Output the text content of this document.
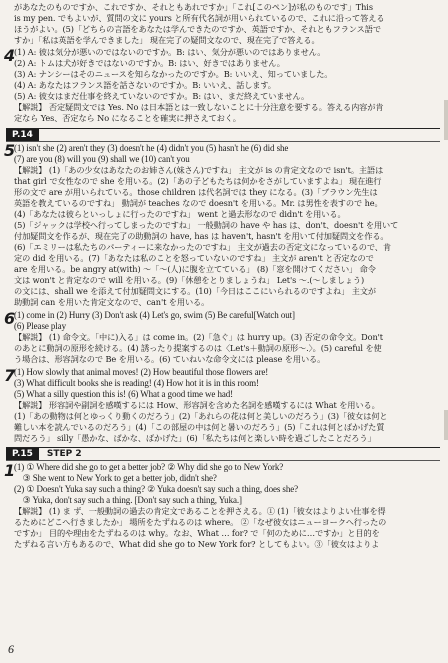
があなたのものですか、これですか、それともあれですか」「これ[このペン]が私のものです」This
is my pen. でもよいが、質問の文に yours と所有代名詞が用いられているので、これに沿って答える
ほうがよい。(5)「どちらの言語をあなたは学んできたのですか、英語ですか、それともフランス語で
すか」「私は英語を学んできました」 現在完了の疑問文なので、現在完了で答える。
4
(1) A: 彼は気分が悪いのではないのですか。B: はい、気分が悪いのではありません。
(2) A: トムは犬が好きではないのですか。B: はい、好きではありません。
(3) A: ナンシーはそのニュースを知らなかったのですか。B: いいえ、知っていました。
(4) A: あなたはフランス語を話さないのですか。B: いいえ、話します。
(5) A: 彼女はまだ仕事を終えていないのですか。B: はい、まだ終えていません。
【解説】 否定疑問文では Yes. No は日本語とは一致しないことに十分注意を要する。答える内容が肯
定なら Yes、否定なら No になることを確実に押さえておく。
P.14
5
(1) isn't she (2) aren't they (3) doesn't he (4) didn't you (5) hasn't he (6) did she
(7) are you (8) will you (9) shall we (10) can't you
【解説】 (1)「あの少女はあなたのお姉さん(妹さん)ですね」 主文が is の肯定文なので isn't。主語は
that girl で女性なので she を用いる。(2)「あの子どもたちは何かをさがしていますよね」 現在進行
形の文で are が用いられている。those children は代名詞では they になる。(3)「ブラウン先生は
英語を教えているのですね」 動詞が teaches なので doesn't を用いる。Mr. は男性を表すので he。
(4)「あなたは彼らといっしょに行ったのですね」 went と過去形なので didn't を用いる。
(5)「ジャックは学校へ行ってしまったのですね」 一般動詞の have や has は、don't、doesn't を用いて
付加疑問文を作るが、現在完了の助動詞の have, has は haven't, hasn't を用いて付加疑問文を作る。
(6)「エミリーは私たちのパーティーに来なかったのですね」 主文が過去の否定文になっているので、肯
定の did を用いる。(7)「あなたは私のことを怒っていないのですね」 主文が aren't と否定なので
are を用いる。be angry at(with) ～「～(人)に腹を立てている」 (8)「窓を開けてください」 命令
文は won't と肯定なので will を用いる。(9)「休憩をとりましょうね」 Let's ～.(～しましょう)
の文には、shall we を添えて付加疑問文にする。(10)「今日はここにいられるのですよね」 主文が
助動詞 can を用いた肯定文なので、can't を用いる。
6
(1) come in (2) Hurry (3) Don't ask (4) Let's go, swim (5) Be careful[Watch out]
(6) Please play
【解説】 (1) 命令文。「中に)入る」は come in。(2)「急ぐ」は hurry up。(3) 否定の命令文。Don't
のあとに動詞の原形を続ける。(4) 誘ったり提案するのは〈Let's＋動詞の原形～.〉。(5) careful を使
う場合は、形容詞なので Be を用いる。(6) ていねいな命令文には please を用いる。
7
(1) How slowly that animal moves! (2) How beautiful those flowers are!
(3) What difficult books she is reading! (4) How hot it is in this room!
(5) What a silly question this is! (6) What a good time we had!
【解説】 形容詞や副詞を感嘆するには How、形容詞を含めた名詞を感嘆するには What を用いる。
(1)「あの動物は何とゆっくり動くのだろう」(2)「あれらの花は何と美しいのだろう」(3)「彼女は何と
難しい本を読んでいるのだろう」(4)「この部屋の中は何と暑いのだろう」(5)「これは何とばかげた質
問だろう」 silly「愚かな、ばかな、ばかげた」(6)「私たちは何と楽しい時を過ごしたことだろう」
P.15 STEP 2
1
(1) ① Where did she go to get a better job? ② Why did she go to New York?
③ She went to New York to get a better job, didn't she?
(2) ① Doesn't Yuka say such a thing? ② Yuka doesn't say such a thing, does she?
③ Yuka, don't say such a thing. [Don't say such a thing, Yuka.]
【解説】 (1) ま ず、一般動詞の過去の肯定文であることを押さえる。① (1)「彼女はよりよい仕事を得
るためにどこへ行きましたか」 場所をたずねるのは where。 ②「なぜ彼女はニューヨークへ行ったの
ですか」 目的や理由をたずねるのは why。なお、What … for? で「何のために…ですか」と目的を
たずねる言い方もあるので、What did she go to New York for? としてもよい。③「彼女はよりよ
6
